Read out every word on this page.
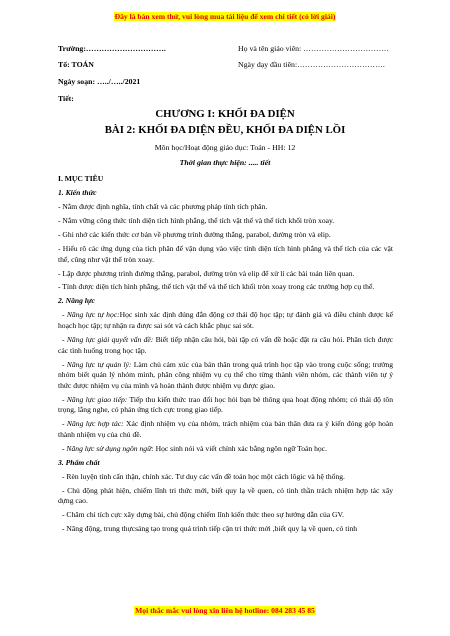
Đây là bản xem thử, vui lòng mua tài liệu để xem chi tiết (có lời giải)
Trường:………………………….	Họ và tên giáo viên: ……………………………
Tổ: TOÁN	Ngày dạy đầu tiên:…………………………….
Ngày soạn: …../…../2021
Tiết:
CHƯƠNG I: KHỐI ĐA DIỆN
BÀI 2: KHỐI ĐA DIỆN ĐỀU, KHỐI ĐA DIỆN LỒI
Môn học/Hoạt động giáo dục: Toán - HH: 12
Thời gian thực hiện: ..... tiết

I. MỤC TIÊU

1. Kiến thức

- Nắm được định nghĩa, tính chất và các phương pháp tính tích phân.

- Nắm vững công thức tính diện tích hình phẳng, thể tích vật thể và thể tích khối tròn xoay.

- Ghi nhớ các kiến thức cơ bản về phương trình đường thẳng, parabol, đường tròn và elip.

- Hiểu rõ các ứng dụng của tích phân để vận dụng vào việc tính diện tích hình phẳng và thể tích của các vật thể, cũng như vật thể tròn xoay.

- Lập được phương trình đường thẳng, parabol, đường tròn và elip để xử lí các bài toán liên quan.

- Tính được diện tích hình phẳng, thể tích vật thể và thể tích khối tròn xoay trong các trường hợp cụ thể.

2. Năng lực

- Năng lực tự học:Học sinh xác định đúng đắn động cơ thái độ học tập; tự đánh giá và điều chỉnh được kế hoạch học tập; tự nhận ra được sai sót và cách khắc phục sai sót.

- Năng lực giải quyết vấn đề: Biết tiếp nhận câu hỏi, bài tập có vấn đề hoặc đặt ra câu hỏi. Phân tích được các tình huống trong học tập.

- Năng lực tự quản lý: Làm chủ cảm xúc của bản thân trong quá trình học tập vào trong cuộc sống; trưởng nhóm biết quản lý nhóm mình, phân công nhiệm vụ cụ thể cho từng thành viên nhóm, các thành viên tự ý thức được nhiệm vụ của mình và hoàn thành được nhiệm vụ được giao.

- Năng lực giao tiếp: Tiếp thu kiến thức trao đổi học hỏi bạn bè thông qua hoạt động nhóm; có thái độ tôn trọng, lắng nghe, có phản ứng tích cực trong giao tiếp.

- Năng lực hợp tác: Xác định nhiệm vụ của nhóm, trách nhiệm của bản thân đưa ra ý kiến đóng góp hoàn thành nhiệm vụ của chủ đề.

- Năng lực sử dụng ngôn ngữ: Học sinh nói và viết chính xác bằng ngôn ngữ Toán học.

3. Phẩm chất

- Rèn luyện tính cẩn thận, chính xác. Tư duy các vấn đề toán học một cách lôgic và hệ thống.

- Chủ động phát hiện, chiếm lĩnh tri thức mới, biết quy lạ về quen, có tinh thần trách nhiệm hợp tác xây dựng cao.

- Chăm chỉ tích cực xây dựng bài, chủ động chiếm lĩnh kiến thức theo sự hướng dẫn của GV.

- Năng động, trung thựcsáng tạo trong quá trình tiếp cận tri thức mới ,biết quy lạ về quen, có tinh

Mọi thắc mắc vui lòng xin liên hệ hotline: 084 283 45 85
